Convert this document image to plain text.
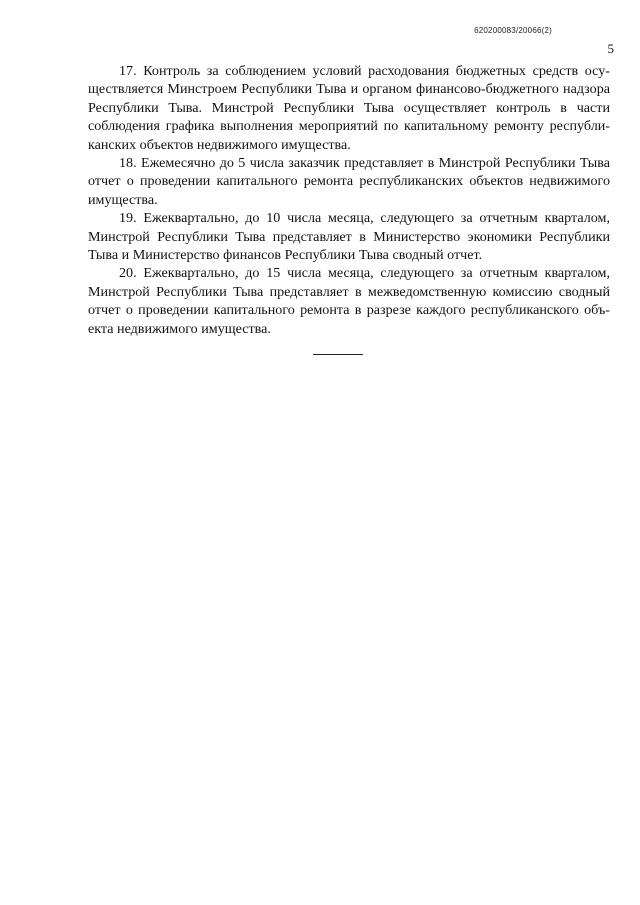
620200083/20066(2)
5

17. Контроль за соблюдением условий расходования бюджетных средств осуществляется Минстроем Республики Тыва и органом финансово-бюджетного надзора Республики Тыва. Минстрой Республики Тыва осуществляет контроль в части соблюдения графика выполнения мероприятий по капитальному ремонту республиканских объектов недвижимого имущества.

18. Ежемесячно до 5 числа заказчик представляет в Минстрой Республики Тыва отчет о проведении капитального ремонта республиканских объектов недвижимого имущества.

19. Ежеквартально, до 10 числа месяца, следующего за отчетным кварталом, Минстрой Республики Тыва представляет в Министерство экономики Республики Тыва и Министерство финансов Республики Тыва сводный отчет.

20. Ежеквартально, до 15 числа месяца, следующего за отчетным кварталом, Минстрой Республики Тыва представляет в межведомственную комиссию сводный отчет о проведении капитального ремонта в разрезе каждого республиканского объекта недвижимого имущества.
